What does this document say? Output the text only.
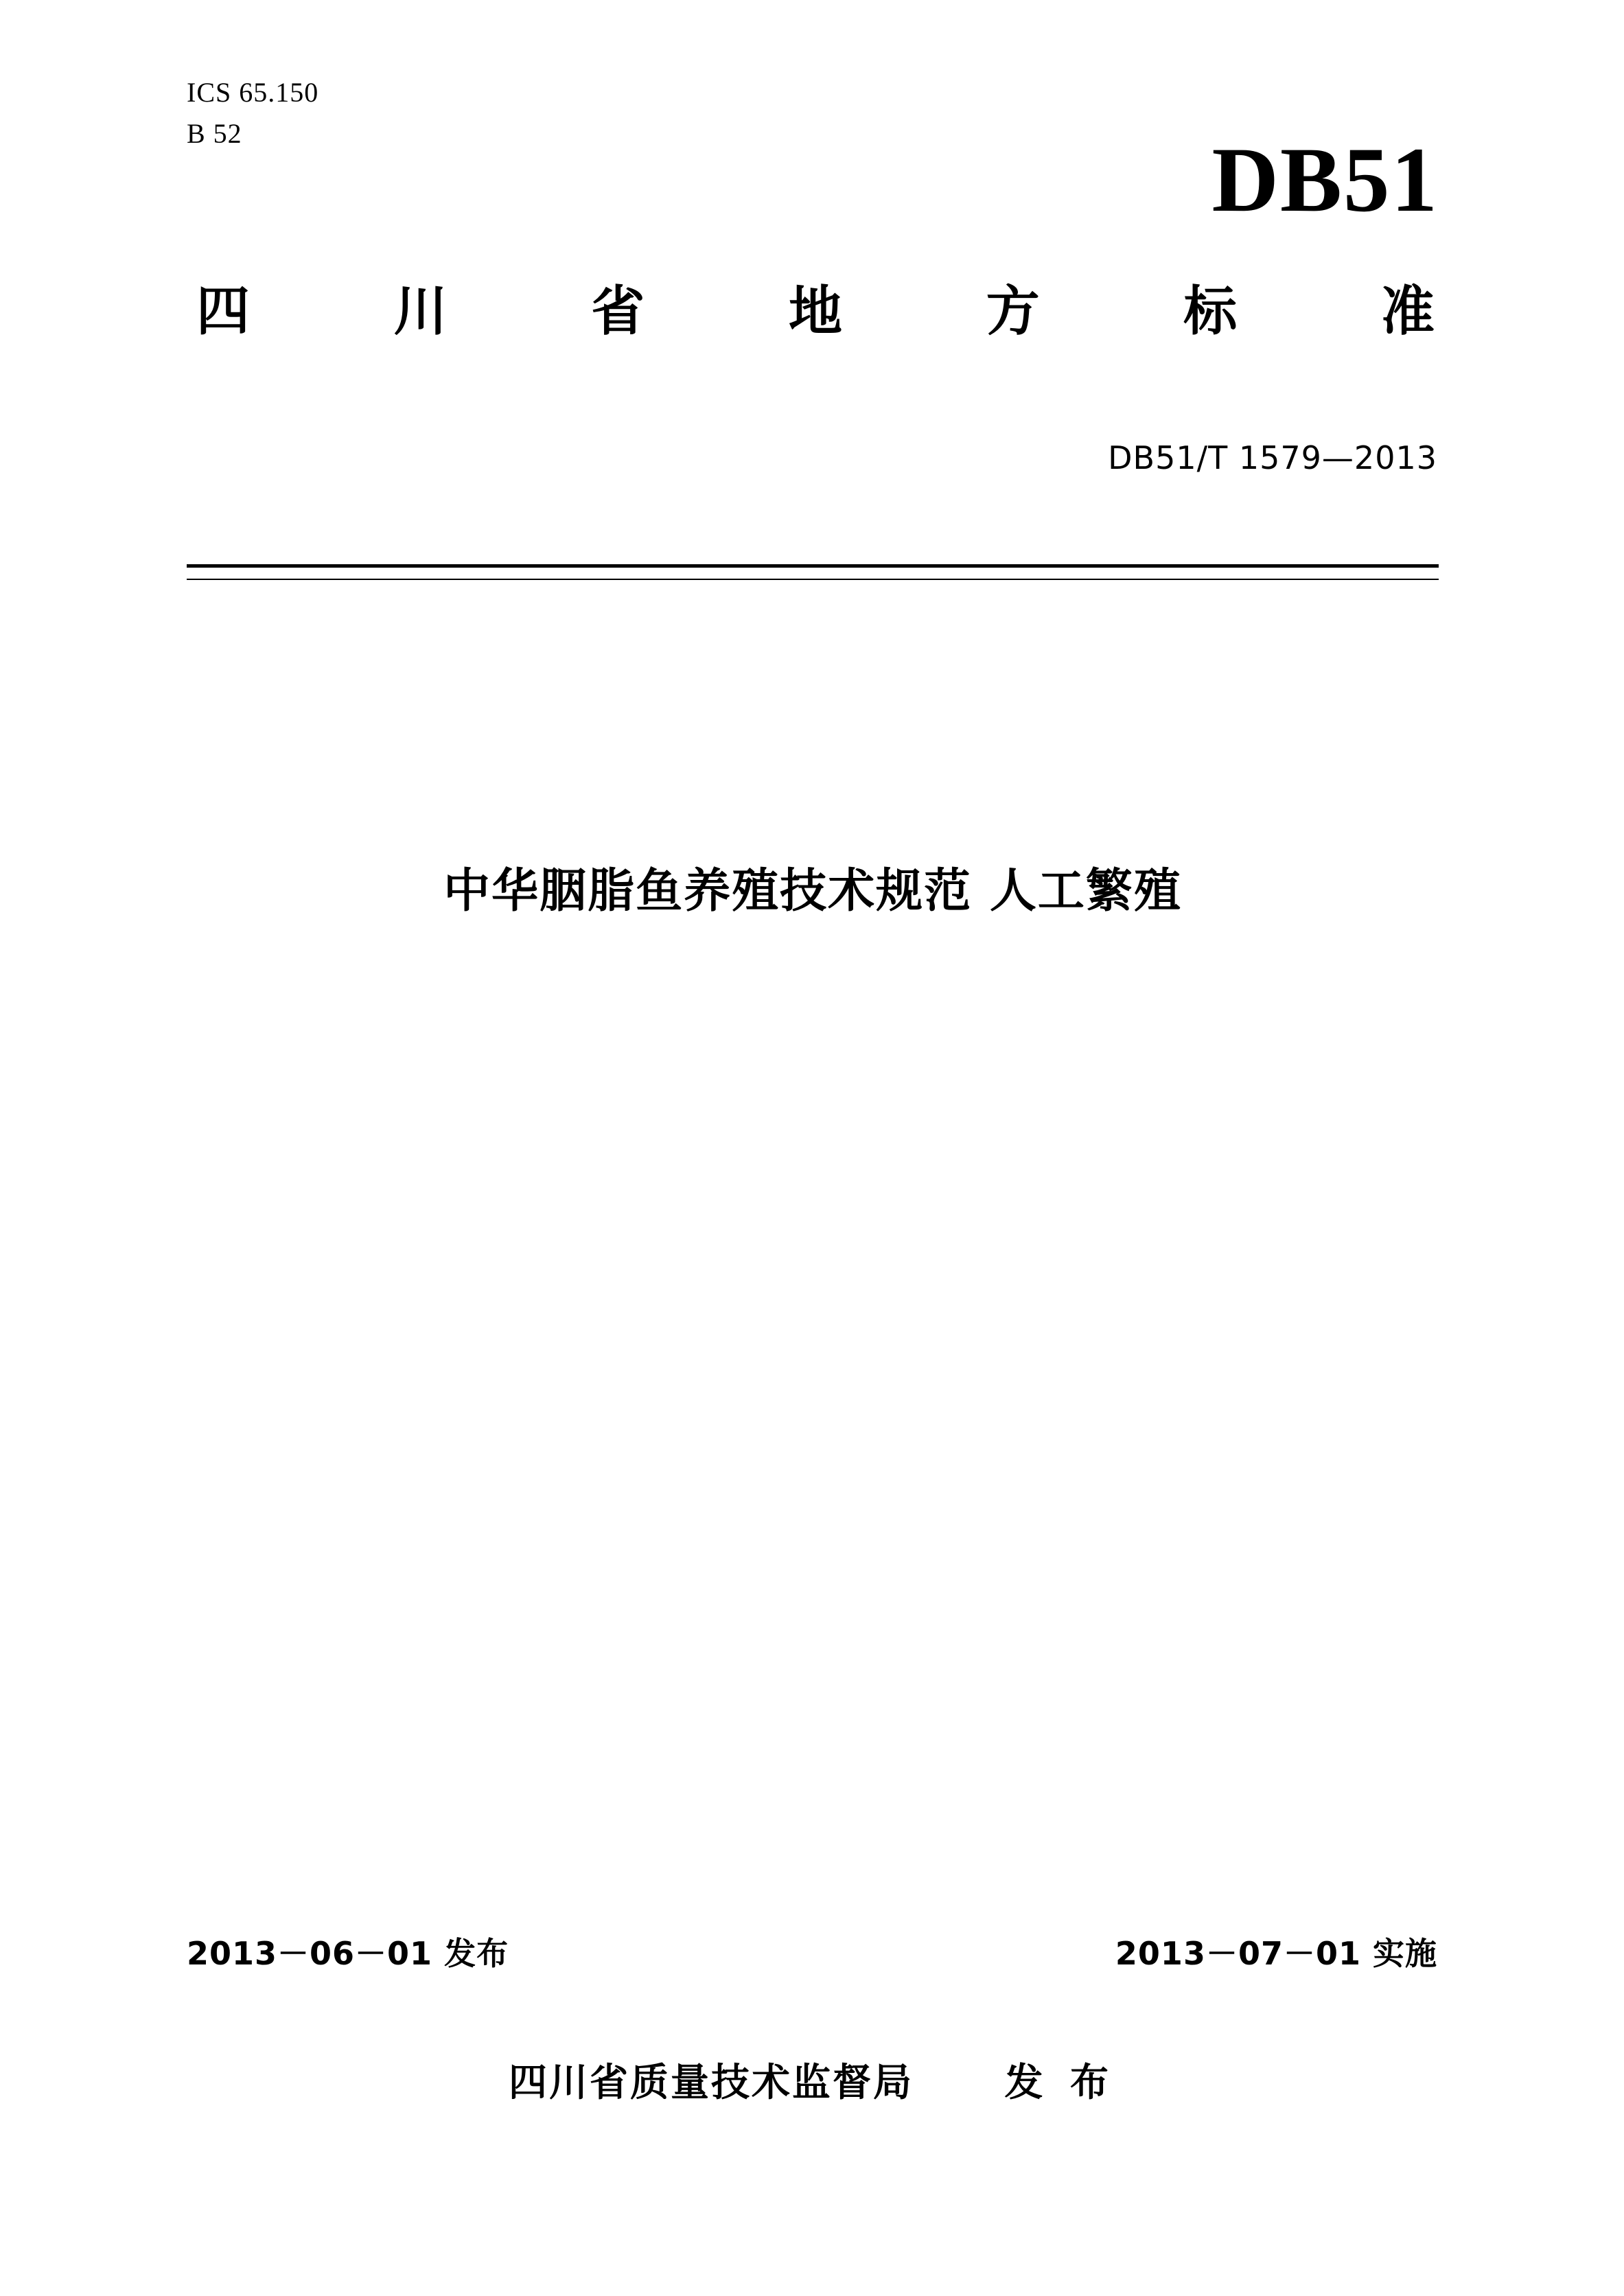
ICS 65.150
B 52	DB51
四	川	省	地	方	标	准
DB51/T 1579—2013
中华胭脂鱼养殖技术规范 人工繁殖
2013－06－01 发布	2013－07－01 实施
四川省质量技术监督局 发 布
